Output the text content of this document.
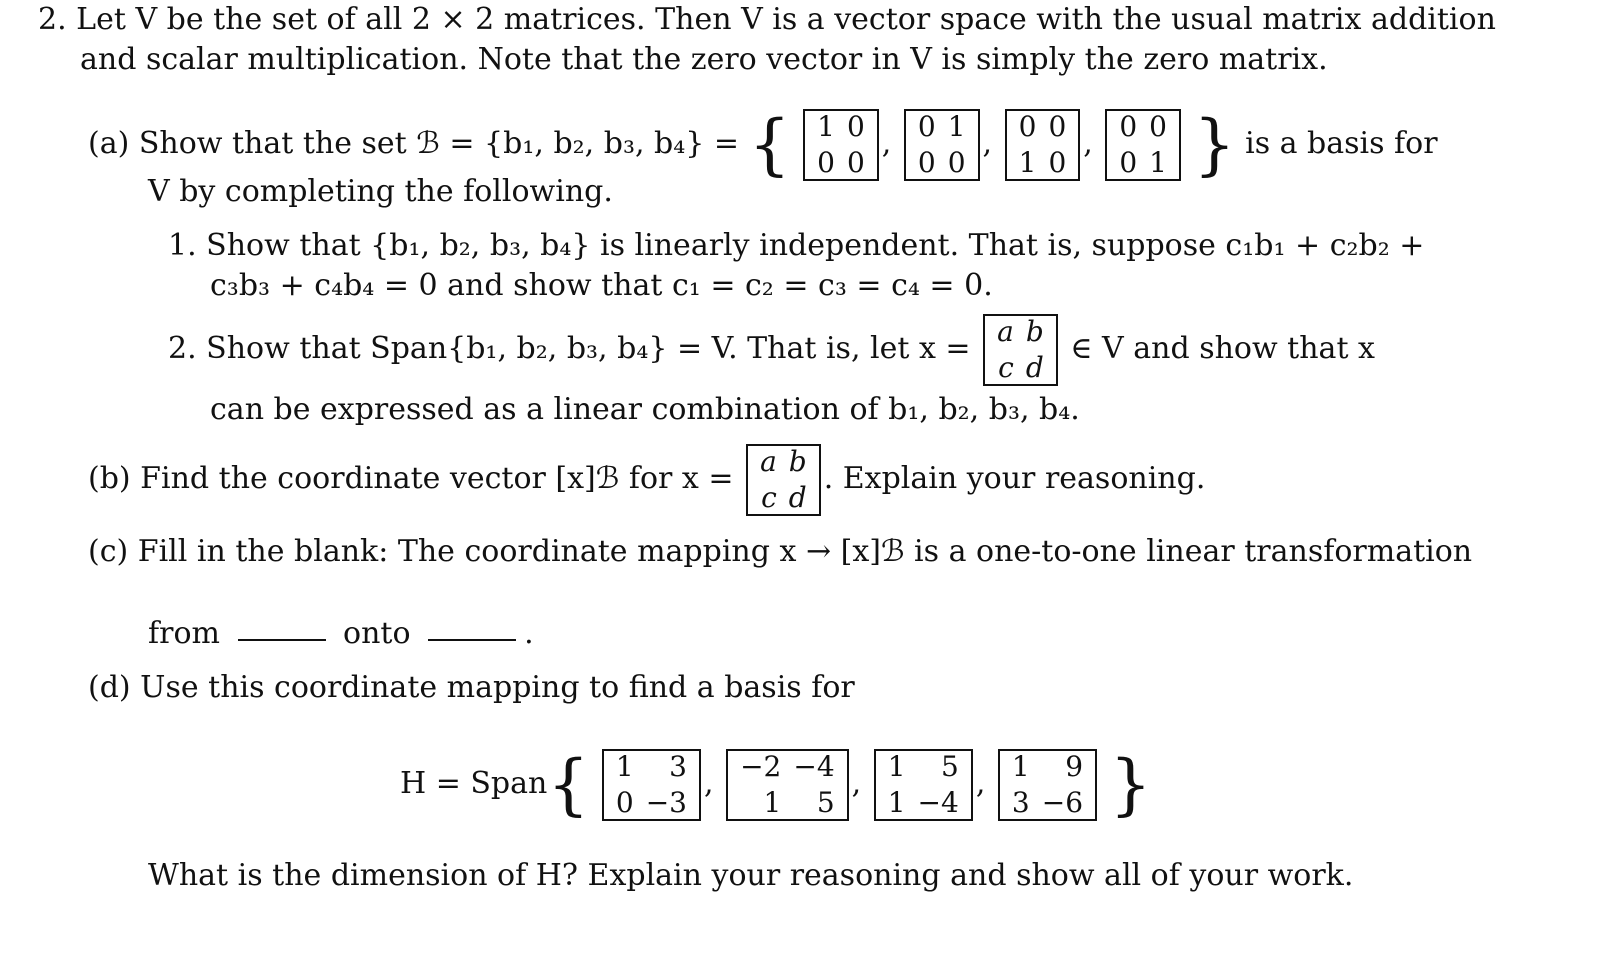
2. Let V be the set of all 2 × 2 matrices. Then V is a vector space with the usual matrix addition
and scalar multiplication. Note that the zero vector in V is simply the zero matrix.
(a) Show that the set ℬ = {b₁, b₂, b₃, b₄} = { 1	0
0	0
, 0	1
0	0
, 0	0
1	0
, 0	0
0	1 } is a basis for
V by completing the following.
1. Show that {b₁, b₂, b₃, b₄} is linearly independent. That is, suppose c₁b₁ + c₂b₂ +
c₃b₃ + c₄b₄ = 0 and show that c₁ = c₂ = c₃ = c₄ = 0.
2. Show that Span{b₁, b₂, b₃, b₄} = V. That is, let x = a	b
c	d
∈ V and show that x
can be expressed as a linear combination of b₁, b₂, b₃, b₄.
(b) Find the coordinate vector [x]ℬ for x = a	b
c	d
. Explain your reasoning.
(c) Fill in the blank: The coordinate mapping x → [x]ℬ is a one-to-one linear transformation
from	onto	.
(d) Use this coordinate mapping to find a basis for
H = Span{ 1	3
0	−3
, −2	−4
1	5
, 1	5
1	−4
, 1	9
3	−6 }
What is the dimension of H? Explain your reasoning and show all of your work.
